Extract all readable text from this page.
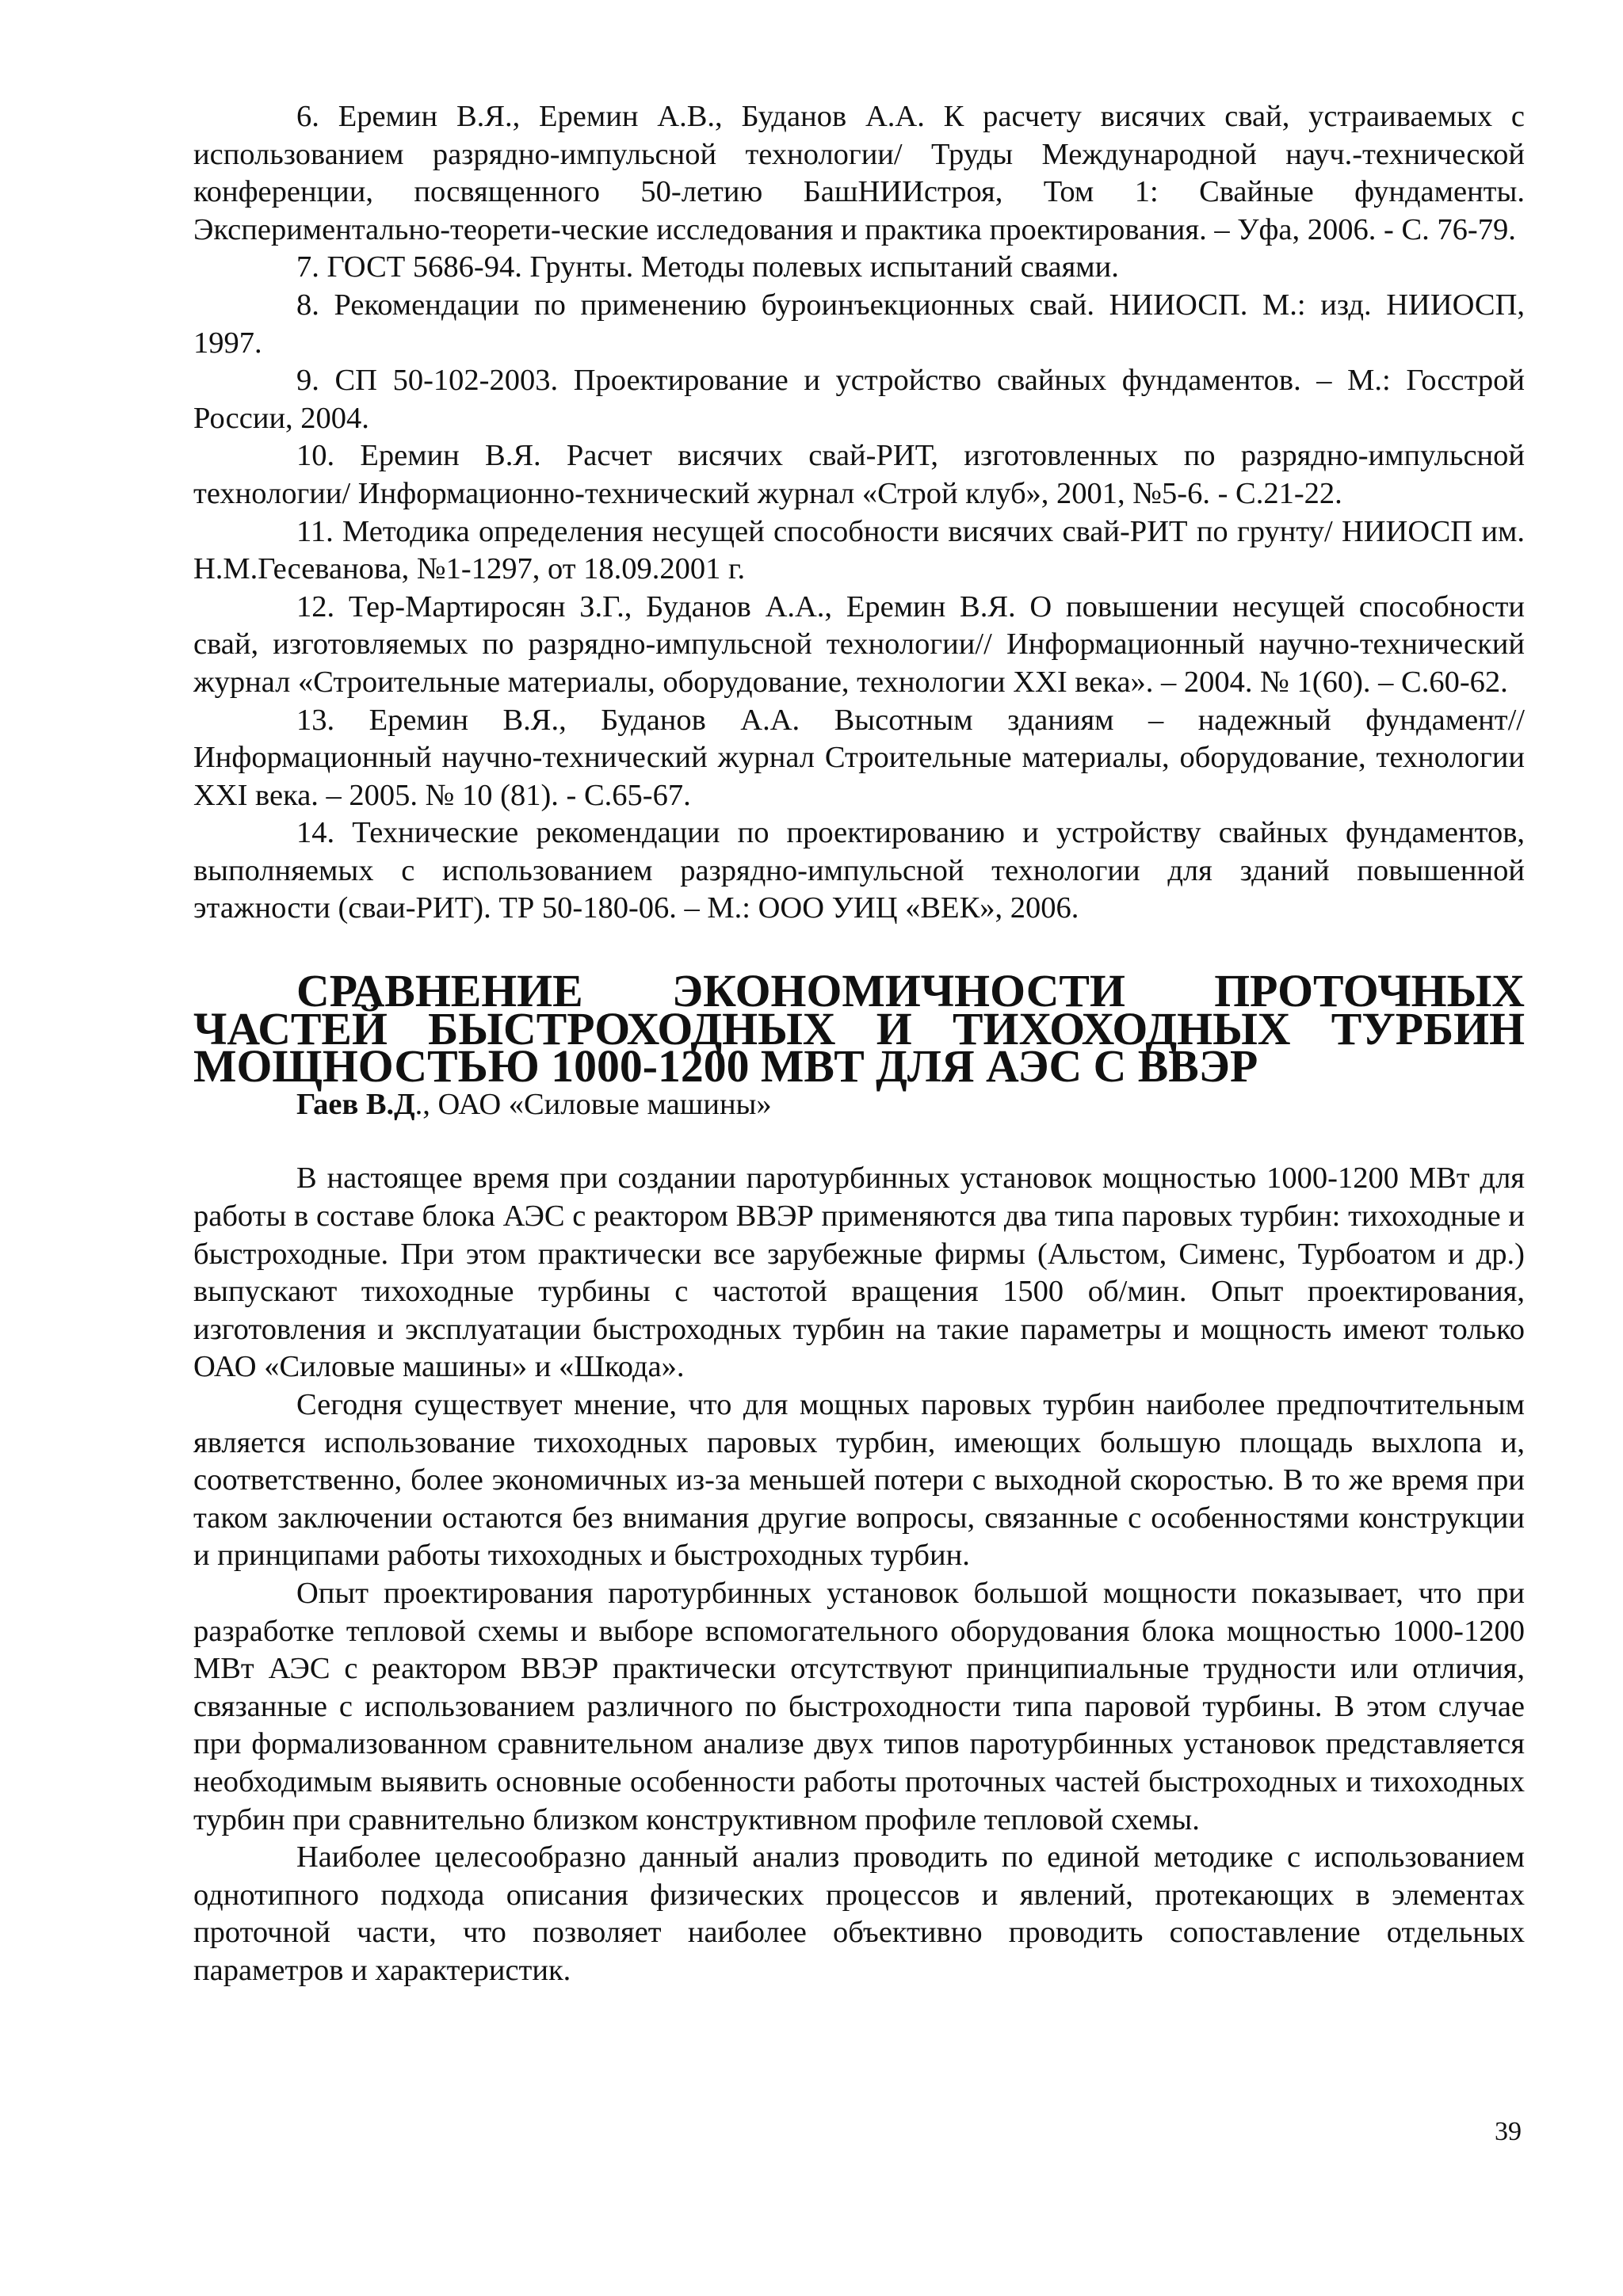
6. Еремин В.Я., Еремин А.В., Буданов А.А. К расчету висячих свай, устраиваемых с использованием разрядно-импульсной технологии/ Труды Международной науч.-технической конференции, посвященного 50-летию БашНИИстроя, Том 1: Свайные фундаменты. Экспериментально-теорети-ческие исследования и практика проектирования. – Уфа, 2006. - С. 76-79.

7. ГОСТ 5686-94. Грунты. Методы полевых испытаний сваями.

8. Рекомендации по применению буроинъекционных свай. НИИОСП. М.: изд. НИИОСП, 1997.

9. СП 50-102-2003. Проектирование и устройство свайных фундаментов. – М.: Госстрой России, 2004.

10. Еремин В.Я. Расчет висячих свай-РИТ, изготовленных по разрядно-импульсной технологии/ Информационно-технический журнал «Строй клуб», 2001, №5-6. - С.21-22.

11. Методика определения несущей способности висячих свай-РИТ по грунту/ НИИОСП им. Н.М.Гесеванова, №1-1297, от 18.09.2001 г.

12. Тер-Мартиросян З.Г., Буданов А.А., Еремин В.Я. О повышении несущей способности свай, изготовляемых по разрядно-импульсной технологии// Информационный научно-технический журнал «Строительные материалы, оборудование, технологии XXI века». – 2004. № 1(60). – С.60-62.

13. Еремин В.Я., Буданов А.А. Высотным зданиям – надежный фундамент// Информационный научно-технический журнал Строительные материалы, оборудование, технологии XXI века. – 2005. № 10 (81). - С.65-67.

14. Технические рекомендации по проектированию и устройству свайных фундаментов, выполняемых с использованием разрядно-импульсной технологии для зданий повышенной этажности (сваи-РИТ). ТР 50-180-06. – М.: ООО УИЦ «ВЕК», 2006.

СРАВНЕНИЕ ЭКОНОМИЧНОСТИ ПРОТОЧНЫХ ЧАСТЕЙ БЫСТРОХОДНЫХ И ТИХОХОДНЫХ ТУРБИН МОЩНОСТЬЮ 1000-1200 МВТ ДЛЯ АЭС С ВВЭР

Гаев В.Д., ОАО «Силовые машины»

В настоящее время при создании паротурбинных установок мощностью 1000-1200 МВт для работы в составе блока АЭС с реактором ВВЭР применяются два типа паровых турбин: тихоходные и быстроходные. При этом практически все зарубежные фирмы (Альстом, Сименс, Турбоатом и др.) выпускают тихоходные турбины с частотой вращения 1500 об/мин. Опыт проектирования, изготовления и эксплуатации быстроходных турбин на такие параметры и мощность имеют только ОАО «Силовые машины» и «Шкода».

Сегодня существует мнение, что для мощных паровых турбин наиболее предпочтительным является использование тихоходных паровых турбин, имеющих большую площадь выхлопа и, соответственно, более экономичных из-за меньшей потери с выходной скоростью. В то же время при таком заключении остаются без внимания другие вопросы, связанные с особенностями конструкции и принципами работы тихоходных и быстроходных турбин.

Опыт проектирования паротурбинных установок большой мощности показывает, что при разработке тепловой схемы и выборе вспомогательного оборудования блока мощностью 1000-1200 МВт АЭС с реактором ВВЭР практически отсутствуют принципиальные трудности или отличия, связанные с использованием различного по быстроходности типа паровой турбины. В этом случае при формализованном сравнительном анализе двух типов паротурбинных установок представляется необходимым выявить основные особенности работы проточных частей быстроходных и тихоходных турбин при сравнительно близком конструктивном профиле тепловой схемы.

Наиболее целесообразно данный анализ проводить по единой методике с использованием однотипного подхода описания физических процессов и явлений, протекающих в элементах проточной части, что позволяет наиболее объективно проводить сопоставление отдельных параметров и характеристик.

39
